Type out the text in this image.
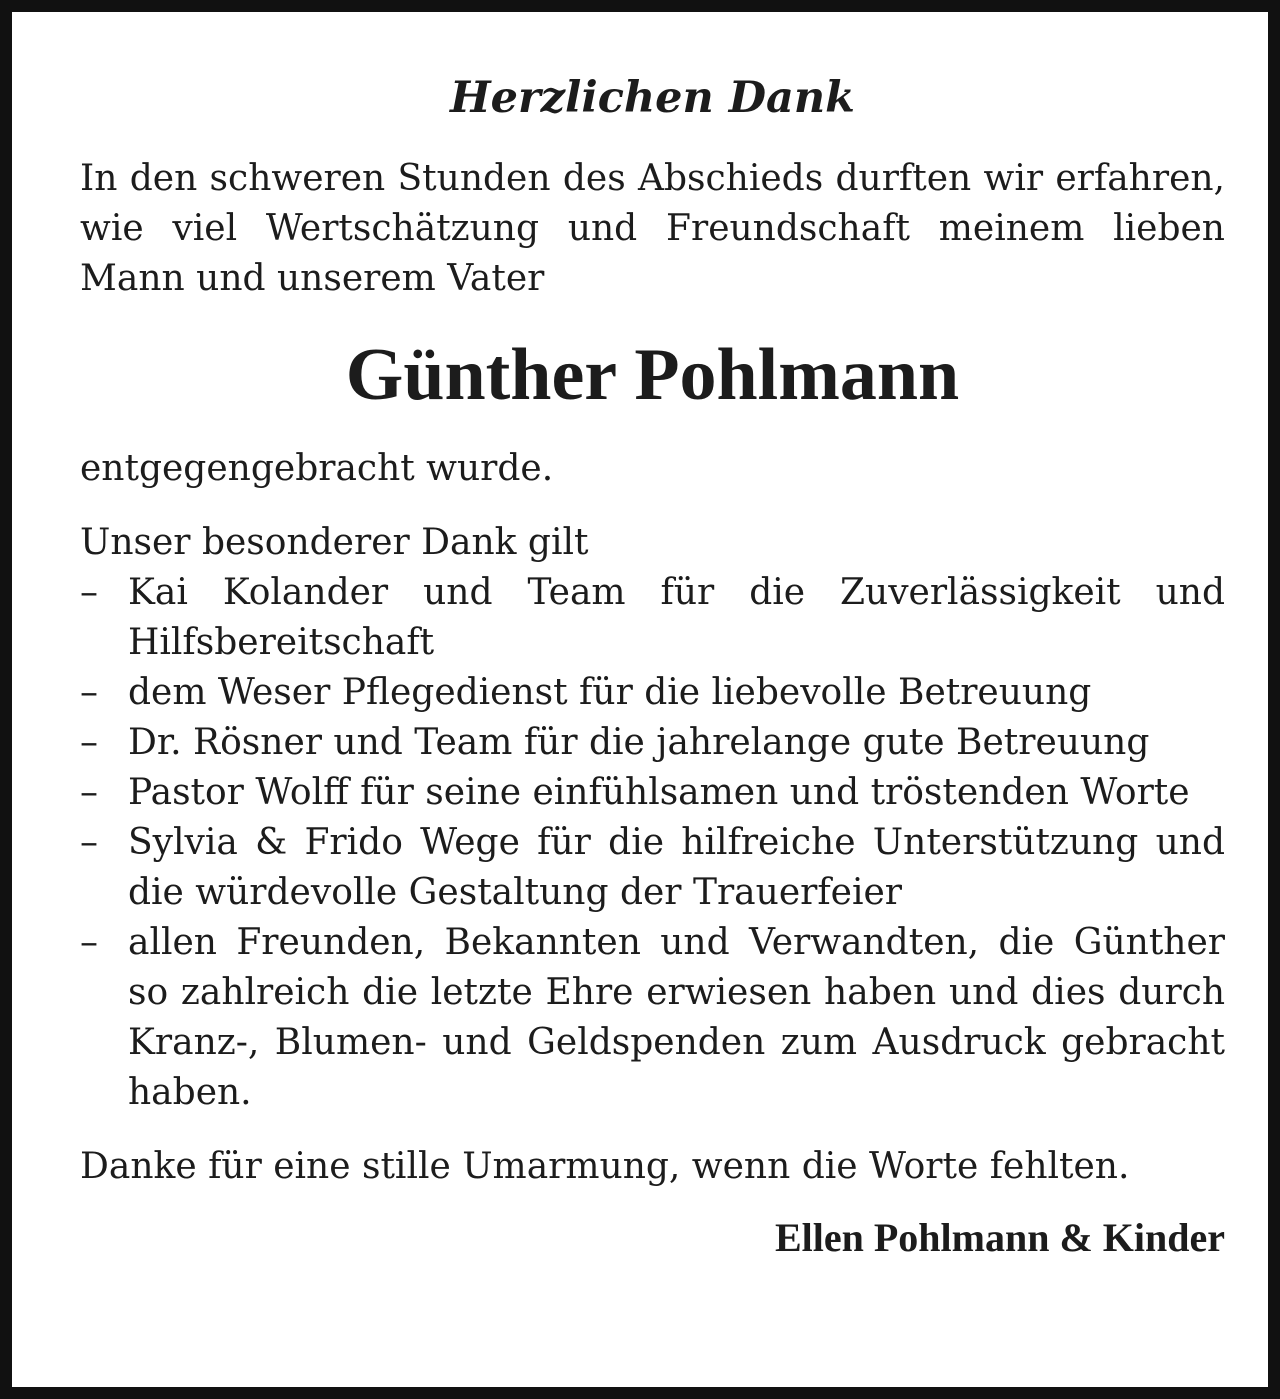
Herzlichen Dank

In den schweren Stunden des Abschieds durften wir erfahren, wie viel Wertschätzung und Freundschaft meinem lieben Mann und unserem Vater

Günther Pohlmann

entgegengebracht wurde.

Unser besonderer Dank gilt

– Kai Kolander und Team für die Zuverlässigkeit und Hilfsbereitschaft
– dem Weser Pflegedienst für die liebevolle Betreuung
– Dr. Rösner und Team für die jahrelange gute Betreuung
– Pastor Wolff für seine einfühlsamen und tröstenden Worte
– Sylvia & Frido Wege für die hilfreiche Unterstützung und die würdevolle Gestaltung der Trauerfeier
– allen Freunden, Bekannten und Verwandten, die Günther so zahlreich die letzte Ehre erwiesen haben und dies durch Kranz-, Blumen- und Geldspenden zum Ausdruck gebracht haben.

Danke für eine stille Umarmung, wenn die Worte fehlten.

Ellen Pohlmann & Kinder
